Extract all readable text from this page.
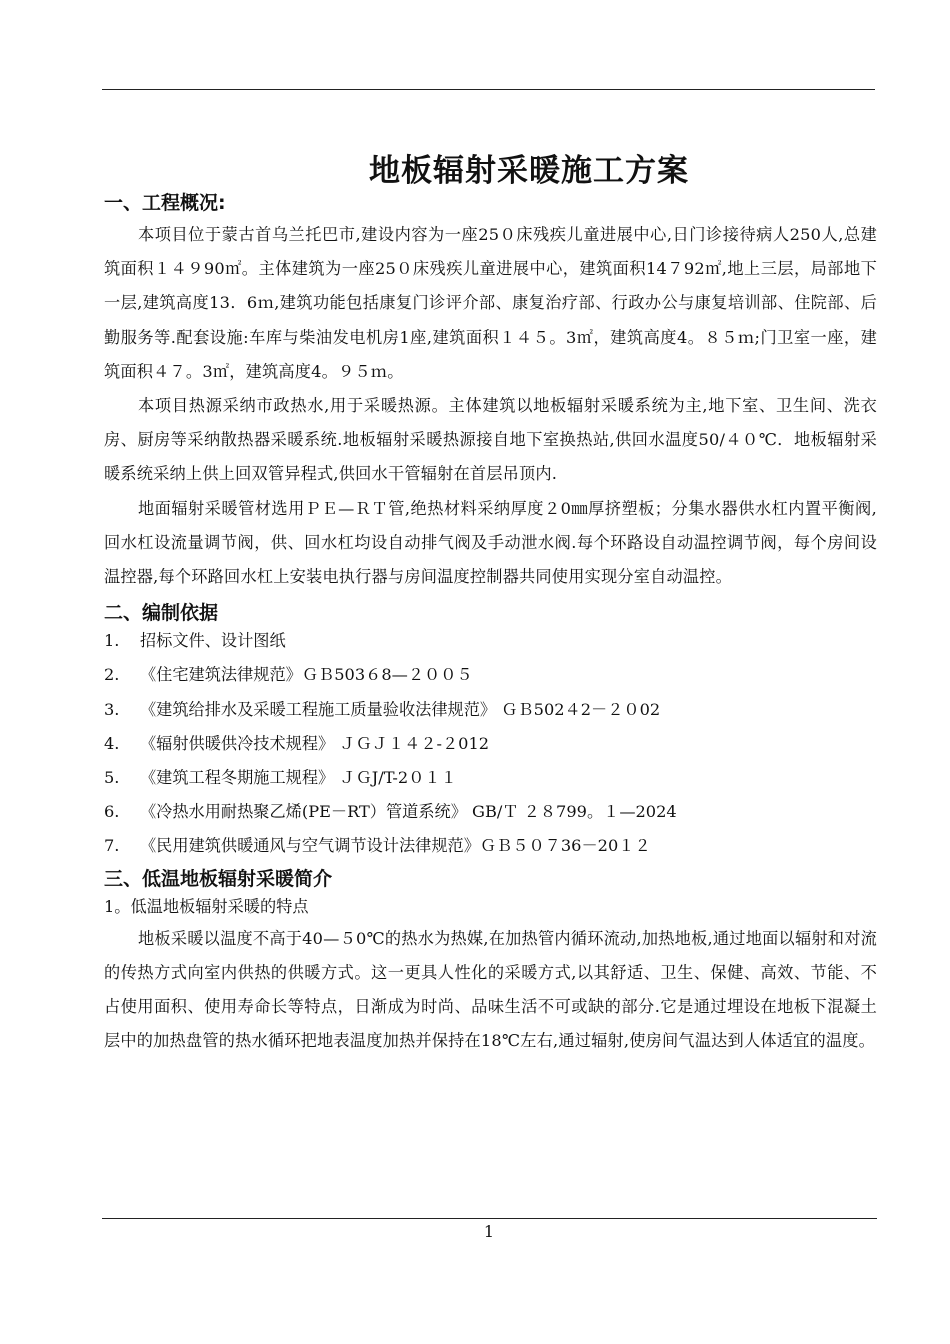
地板辐射采暖施工方案
一、工程概况:

本项目位于蒙古首乌兰托巴市,建设内容为一座25０床残疾儿童进展中心,日门诊接待病人250人,总建筑面积１４９90㎡。主体建筑为一座25０床残疾儿童进展中心，建筑面积14７92㎡,地上三层，局部地下一层,建筑高度13．6ｍ,建筑功能包括康复门诊评介部、康复治疗部、行政办公与康复培训部、住院部、后勤服务等.配套设施:车库与柴油发电机房1座,建筑面积１４５。3㎡，建筑高度4。８５ｍ;门卫室一座，建筑面积４７。3㎡，建筑高度4。９５ｍ。

本项目热源采纳市政热水,用于采暖热源。主体建筑以地板辐射采暖系统为主,地下室、卫生间、洗衣房、厨房等采纳散热器采暖系统.地板辐射采暖热源接自地下室换热站,供回水温度50/４０℃．地板辐射采暖系统采纳上供上回双管异程式,供回水干管辐射在首层吊顶内.

地面辐射采暖管材选用ＰＥ—ＲＴ管,绝热材料采纳厚度２0㎜厚挤塑板；分集水器供水杠内置平衡阀,回水杠设流量调节阀，供、回水杠均设自动排气阀及手动泄水阀.每个环路设自动温控调节阀，每个房间设温控器,每个环路回水杠上安装电执行器与房间温度控制器共同使用实现分室自动温控。

二、编制依据
1. 招标文件、设计图纸
2. 《住宅建筑法律规范》ＧＢ503６8—２００５
3. 《建筑给排水及采暖工程施工质量验收法律规范》 ＧＢ502４2－２０02
4. 《辐射供暖供冷技术规程》 ＪＧＪ１４２-２012
5. 《建筑工程冬期施工规程》 ＪＧJ/T-2０１１
6. 《冷热水用耐热聚乙烯(PE－RT）管道系统》 GB/Ｔ ２８799。１—2024
7. 《民用建筑供暖通风与空气调节设计法律规范》ＧＢ５０７36－20１２
三、低温地板辐射采暖简介

1。低温地板辐射采暖的特点

地板采暖以温度不高于40—５0℃的热水为热媒,在加热管内循环流动,加热地板,通过地面以辐射和对流的传热方式向室内供热的供暖方式。这一更具人性化的采暖方式,以其舒适、卫生、保健、高效、节能、不占使用面积、使用寿命长等特点，日渐成为时尚、品味生活不可或缺的部分.它是通过埋设在地板下混凝土层中的加热盘管的热水循环把地表温度加热并保持在18℃左右,通过辐射,使房间气温达到人体适宜的温度。

1
